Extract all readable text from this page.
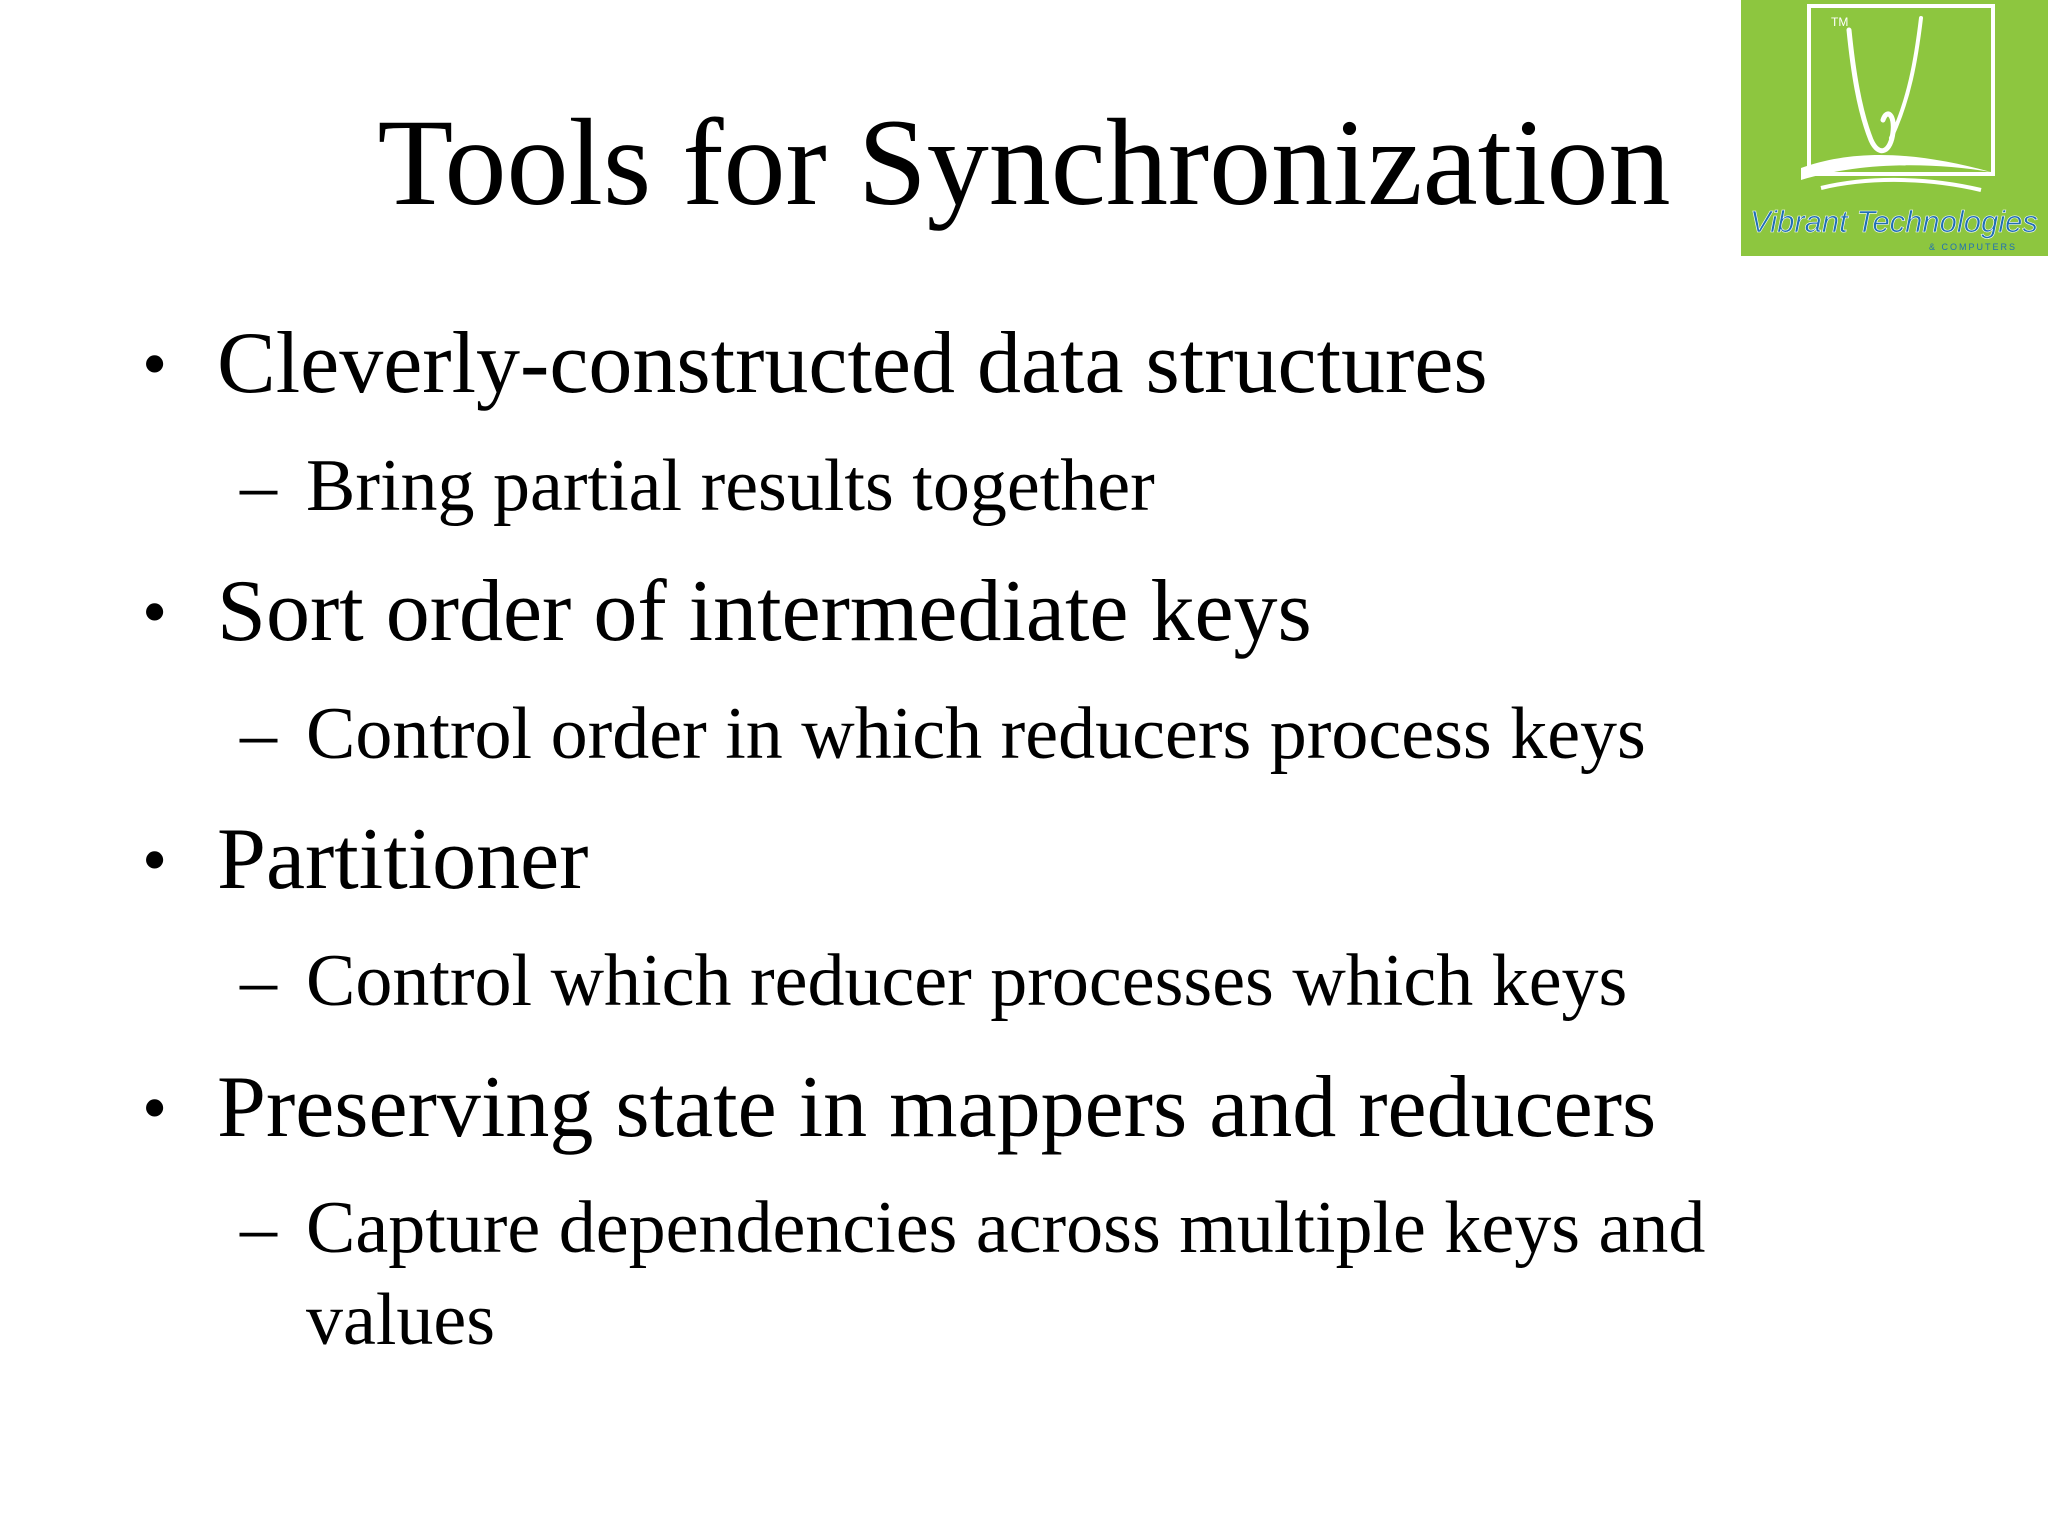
Tools for Synchronization
TM
Vibrant Technologies
& COMPUTERS
• Cleverly-constructed data structures
– Bring partial results together
• Sort order of intermediate keys
– Control order in which reducers process keys
• Partitioner
– Control which reducer processes which keys
• Preserving state in mappers and reducers
– Capture dependencies across multiple keys and values
